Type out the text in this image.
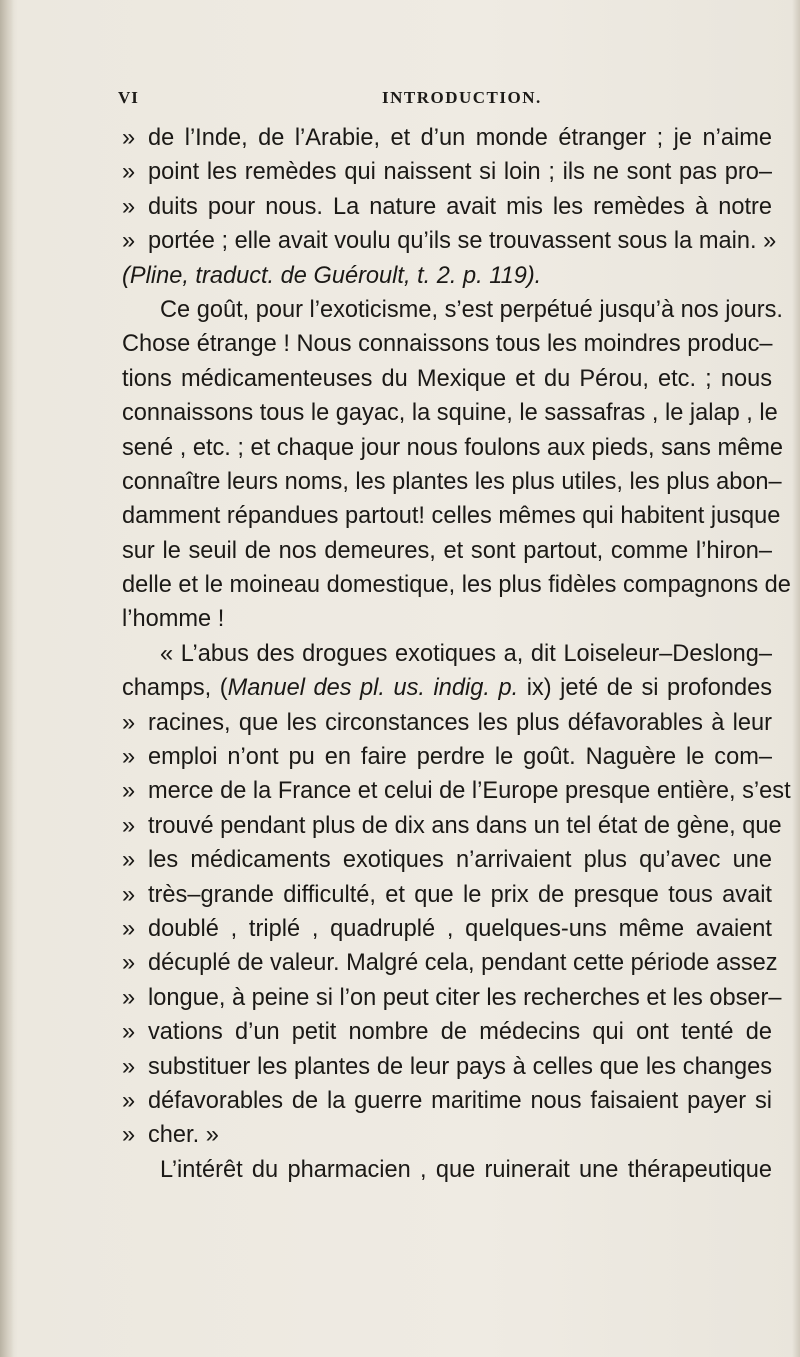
VI	INTRODUCTION.
» de l’Inde, de l’Arabie, et d’un monde étranger ; je n’aime
» point les remèdes qui naissent si loin ; ils ne sont pas pro–
» duits pour nous. La nature avait mis les remèdes à notre
» portée ; elle avait voulu qu’ils se trouvassent sous la main. »
(Pline, traduct. de Guéroult, t. 2. p. 119).
Ce goût, pour l’exoticisme, s’est perpétué jusqu’à nos jours.
Chose étrange ! Nous connaissons tous les moindres produc–
tions médicamenteuses du Mexique et du Pérou, etc. ; nous
connaissons tous le gayac, la squine, le sassafras , le jalap , le
sené , etc. ; et chaque jour nous foulons aux pieds, sans même
connaître leurs noms, les plantes les plus utiles, les plus abon–
damment répandues partout! celles mêmes qui habitent jusque
sur le seuil de nos demeures, et sont partout, comme l’hiron–
delle et le moineau domestique, les plus fidèles compagnons de
l’homme !
« L’abus des drogues exotiques a, dit Loiseleur–Deslong–
champs, (Manuel des pl. us. indig. p. ix) jeté de si profondes
» racines, que les circonstances les plus défavorables à leur
» emploi n’ont pu en faire perdre le goût. Naguère le com–
» merce de la France et celui de l’Europe presque entière, s’est
» trouvé pendant plus de dix ans dans un tel état de gène, que
» les médicaments exotiques n’arrivaient plus qu’avec une
» très–grande difficulté, et que le prix de presque tous avait
» doublé , triplé , quadruplé , quelques-uns même avaient
» décuplé de valeur. Malgré cela, pendant cette période assez
» longue, à peine si l’on peut citer les recherches et les obser–
» vations d’un petit nombre de médecins qui ont tenté de
» substituer les plantes de leur pays à celles que les changes
» défavorables de la guerre maritime nous faisaient payer si
» cher. »
L’intérêt du pharmacien , que ruinerait une thérapeutique
